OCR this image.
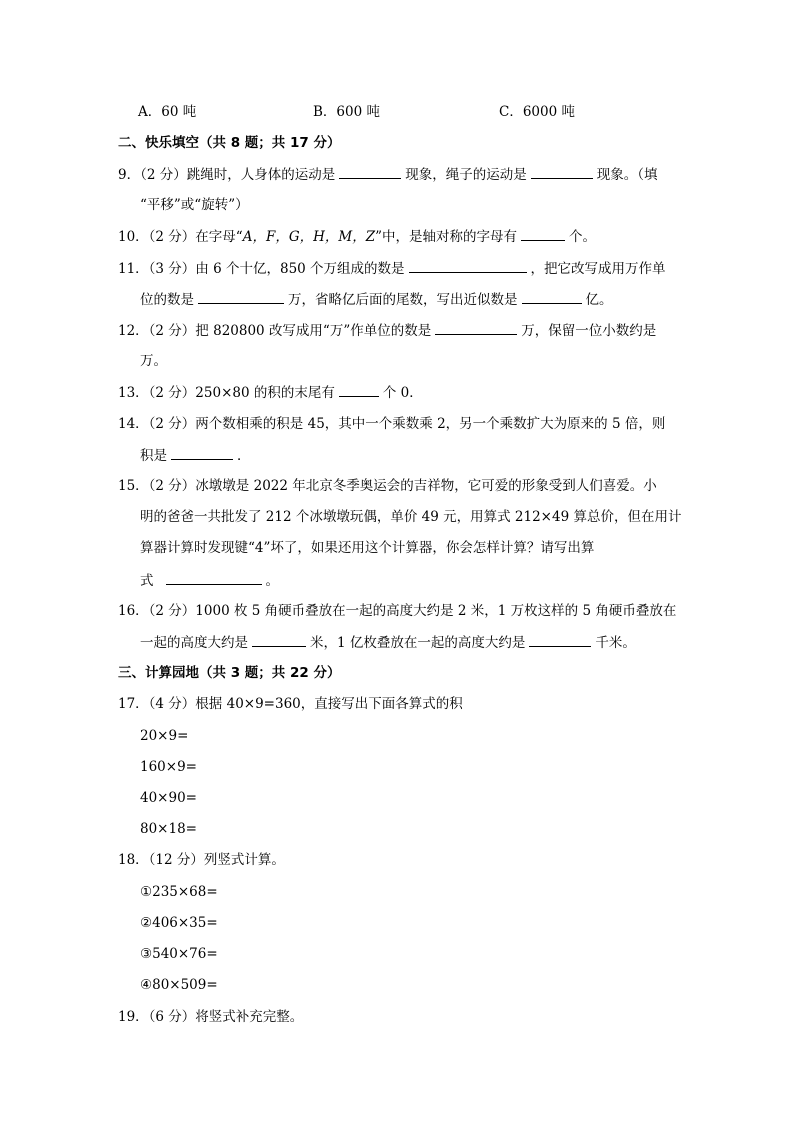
A．60 吨	B．600 吨	C．6000 吨
二、快乐填空（共 8 题；共 17 分）
9．（2 分）跳绳时，人身体的运动是	现象，绳子的运动是	现象。（填
“平移”或“旋转”）
10．（2 分）在字母“A，F，G，H，M，Z”中，是轴对称的字母有	个。
11．（3 分）由 6 个十亿，850 个万组成的数是	，把它改写成用万作单
位的数是	万，省略亿后面的尾数，写出近似数是	亿。
12．（2 分）把 820800 改写成用“万”作单位的数是	万，保留一位小数约是
万。
13．（2 分）250×80 的积的末尾有	个 0．
14．（2 分）两个数相乘的积是 45，其中一个乘数乘 2，另一个乘数扩大为原来的 5 倍，则
积是	．
15．（2 分）冰墩墩是 2022 年北京冬季奥运会的吉祥物，它可爱的形象受到人们喜爱。小
明的爸爸一共批发了 212 个冰墩墩玩偶，单价 49 元，用算式 212×49 算总价，但在用计
算器计算时发现键“4”坏了，如果还用这个计算器，你会怎样计算？请写出算
式	。
16．（2 分）1000 枚 5 角硬币叠放在一起的高度大约是 2 米，1 万枚这样的 5 角硬币叠放在
一起的高度大约是	米，1 亿枚叠放在一起的高度大约是	千米。
三、计算园地（共 3 题；共 22 分）
17．（4 分）根据 40×9=360，直接写出下面各算式的积
20×9=
160×9=
40×90=
80×18=
18．（12 分）列竖式计算。
①235×68=
②406×35=
③540×76=
④80×509=
19．（6 分）将竖式补充完整。
